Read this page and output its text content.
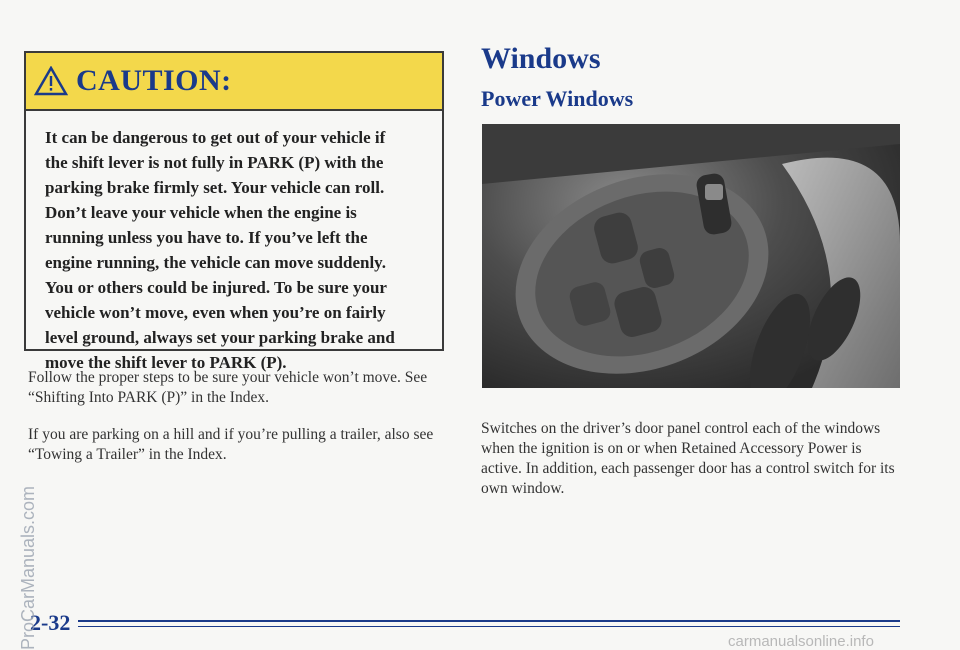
CAUTION:
It can be dangerous to get out of your vehicle if
the shift lever is not fully in PARK (P) with the
parking brake firmly set. Your vehicle can roll.
Don’t leave your vehicle when the engine is
running unless you have to. If you’ve left the
engine running, the vehicle can move suddenly.
You or others could be injured. To be sure your
vehicle won’t move, even when you’re on fairly
level ground, always set your parking brake and
move the shift lever to PARK (P).
Follow the proper steps to be sure your vehicle won’t move. See “Shifting Into PARK (P)” in the Index.
If you are parking on a hill and if you’re pulling a trailer, also see “Towing a Trailer” in the Index.
Windows
Power Windows
Switches on the driver’s door panel control each of the windows when the ignition is on or when Retained Accessory Power is active. In addition, each passenger door has a control switch for its own window.
2-32
ProCarManuals.com	carmanualsonline.info
